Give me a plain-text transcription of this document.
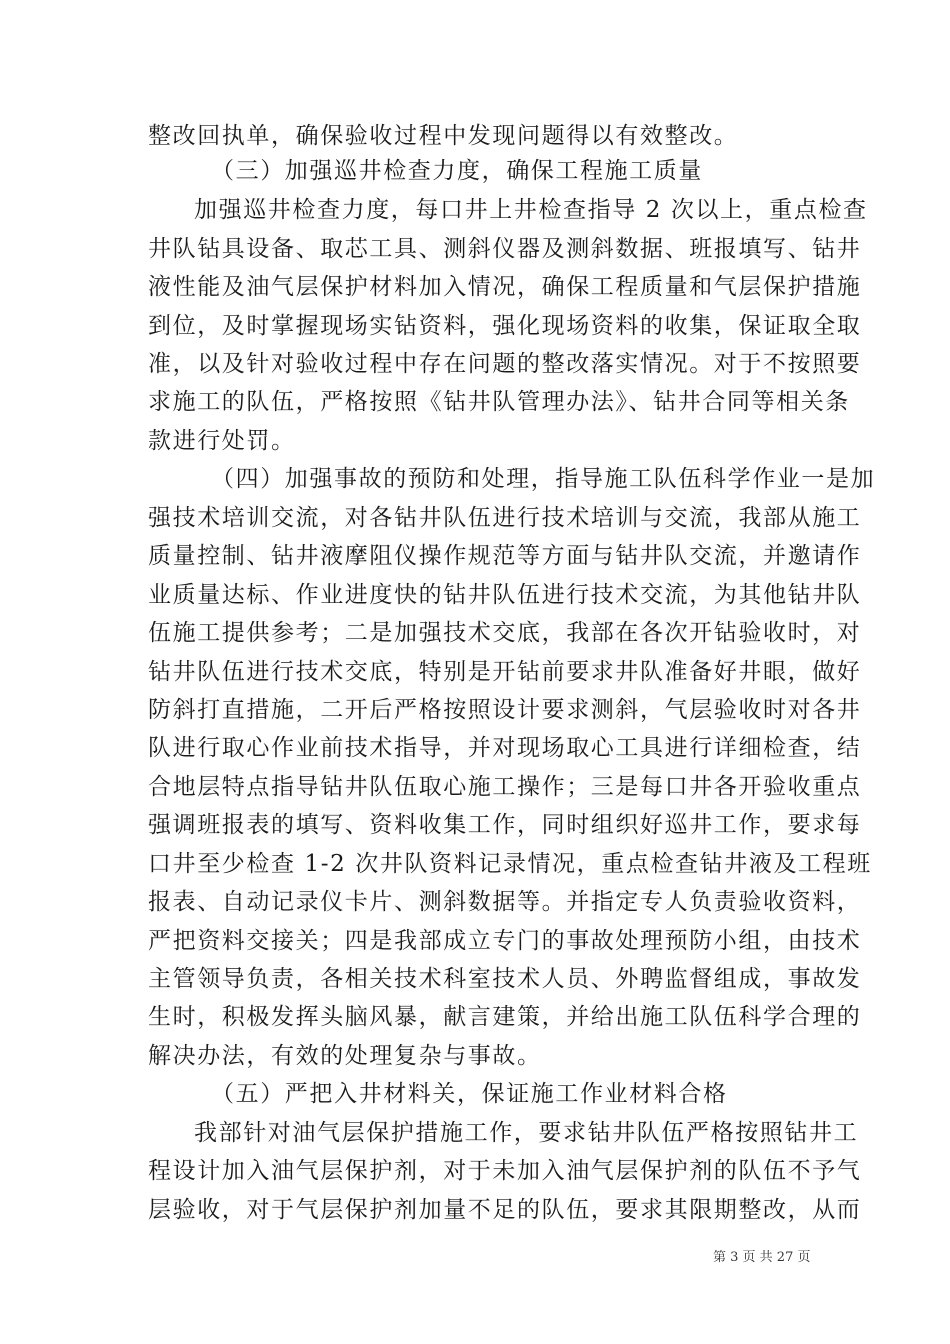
整改回执单，确保验收过程中发现问题得以有效整改。
（三）加强巡井检查力度，确保工程施工质量
加强巡井检查力度，每口井上井检查指导 2 次以上，重点检查
井队钻具设备、取芯工具、测斜仪器及测斜数据、班报填写、钻井
液性能及油气层保护材料加入情况，确保工程质量和气层保护措施
到位，及时掌握现场实钻资料，强化现场资料的收集，保证取全取
准，以及针对验收过程中存在问题的整改落实情况。对于不按照要
求施工的队伍，严格按照《钻井队管理办法》、钻井合同等相关条
款进行处罚。
（四）加强事故的预防和处理，指导施工队伍科学作业一是加
强技术培训交流，对各钻井队伍进行技术培训与交流，我部从施工
质量控制、钻井液摩阻仪操作规范等方面与钻井队交流，并邀请作
业质量达标、作业进度快的钻井队伍进行技术交流，为其他钻井队
伍施工提供参考；二是加强技术交底，我部在各次开钻验收时，对
钻井队伍进行技术交底，特别是开钻前要求井队准备好井眼，做好
防斜打直措施，二开后严格按照设计要求测斜，气层验收时对各井
队进行取心作业前技术指导，并对现场取心工具进行详细检查，结
合地层特点指导钻井队伍取心施工操作；三是每口井各开验收重点
强调班报表的填写、资料收集工作，同时组织好巡井工作，要求每
口井至少检查 1-2 次井队资料记录情况，重点检查钻井液及工程班
报表、自动记录仪卡片、测斜数据等。并指定专人负责验收资料，
严把资料交接关；四是我部成立专门的事故处理预防小组，由技术
主管领导负责，各相关技术科室技术人员、外聘监督组成，事故发
生时，积极发挥头脑风暴，献言建策，并给出施工队伍科学合理的
解决办法，有效的处理复杂与事故。
（五）严把入井材料关，保证施工作业材料合格
我部针对油气层保护措施工作，要求钻井队伍严格按照钻井工
程设计加入油气层保护剂，对于未加入油气层保护剂的队伍不予气
层验收，对于气层保护剂加量不足的队伍，要求其限期整改，从而
第 3 页 共 27 页
